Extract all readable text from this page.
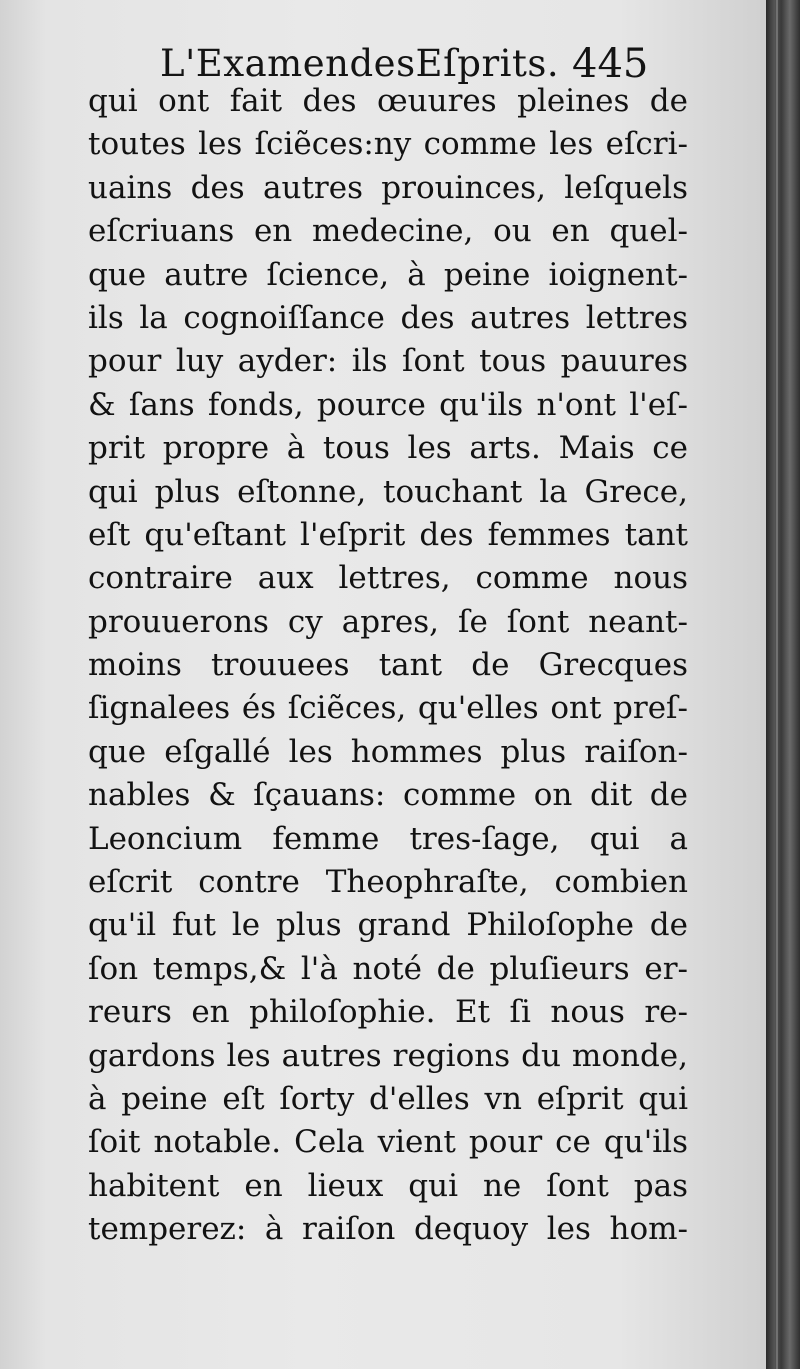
L'ExamendesEſprits. 445
qui ont fait des œuures pleines de
toutes les ſciẽces:ny comme les eſcri-
uains des autres prouinces, leſquels
eſcriuans en medecine, ou en quel-
que autre ſcience, à peine ioignent-
ils la cognoiſſance des autres lettres
pour luy ayder: ils ſont tous pauures
& ſans fonds, pource qu'ils n'ont l'eſ-
prit propre à tous les arts. Mais ce
qui plus eſtonne, touchant la Grece,
eſt qu'eſtant l'eſprit des femmes tant
contraire aux lettres, comme nous
prouuerons cy apres, ſe ſont neant-
moins trouuees tant de Grecques
ſignalees és ſciẽces, qu'elles ont preſ-
que eſgallé les hommes plus raiſon-
nables & ſçauans: comme on dit de
Leoncium femme tres-ſage, qui a
eſcrit contre Theophraſte, combien
qu'il fut le plus grand Philoſophe de
ſon temps,& l'à noté de pluſieurs er-
reurs en philoſophie. Et ſi nous re-
gardons les autres regions du monde,
à peine eſt ſorty d'elles vn eſprit qui
ſoit notable. Cela vient pour ce qu'ils
habitent en lieux qui ne ſont pas
temperez: à raiſon dequoy les hom-
